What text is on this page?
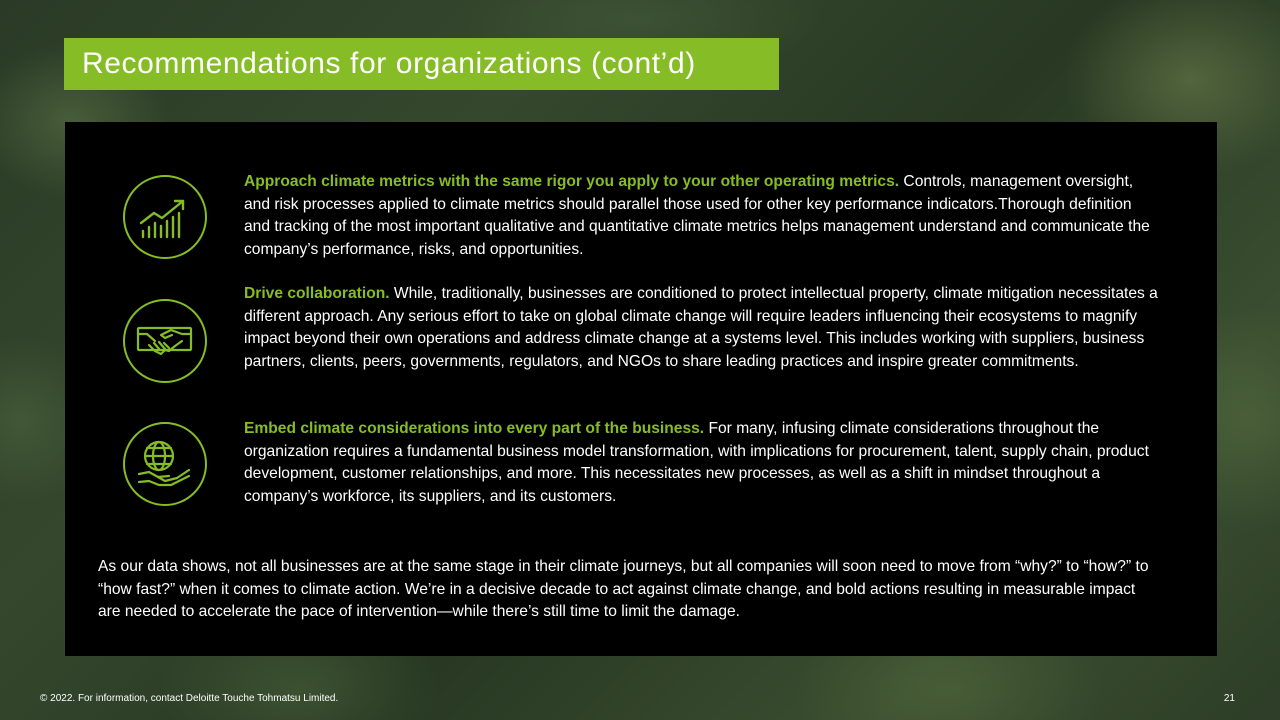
Recommendations for organizations (cont’d)
Approach climate metrics with the same rigor you apply to your other operating metrics. Controls, management oversight, and risk processes applied to climate metrics should parallel those used for other key performance indicators.Thorough definition and tracking of the most important qualitative and quantitative climate metrics helps management understand and communicate the company’s performance, risks, and opportunities.
Drive collaboration. While, traditionally, businesses are conditioned to protect intellectual property, climate mitigation necessitates a different approach. Any serious effort to take on global climate change will require leaders influencing their ecosystems to magnify impact beyond their own operations and address climate change at a systems level. This includes working with suppliers, business partners, clients, peers, governments, regulators, and NGOs to share leading practices and inspire greater commitments.
Embed climate considerations into every part of the business. For many, infusing climate considerations throughout the organization requires a fundamental business model transformation, with implications for procurement, talent, supply chain, product development, customer relationships, and more. This necessitates new processes, as well as a shift in mindset throughout a company’s workforce, its suppliers, and its customers.
As our data shows, not all businesses are at the same stage in their climate journeys, but all companies will soon need to move from “why?” to “how?” to “how fast?” when it comes to climate action. We’re in a decisive decade to act against climate change, and bold actions resulting in measurable impact are needed to accelerate the pace of intervention—while there’s still time to limit the damage.
© 2022. For information, contact Deloitte Touche Tohmatsu Limited.	21
